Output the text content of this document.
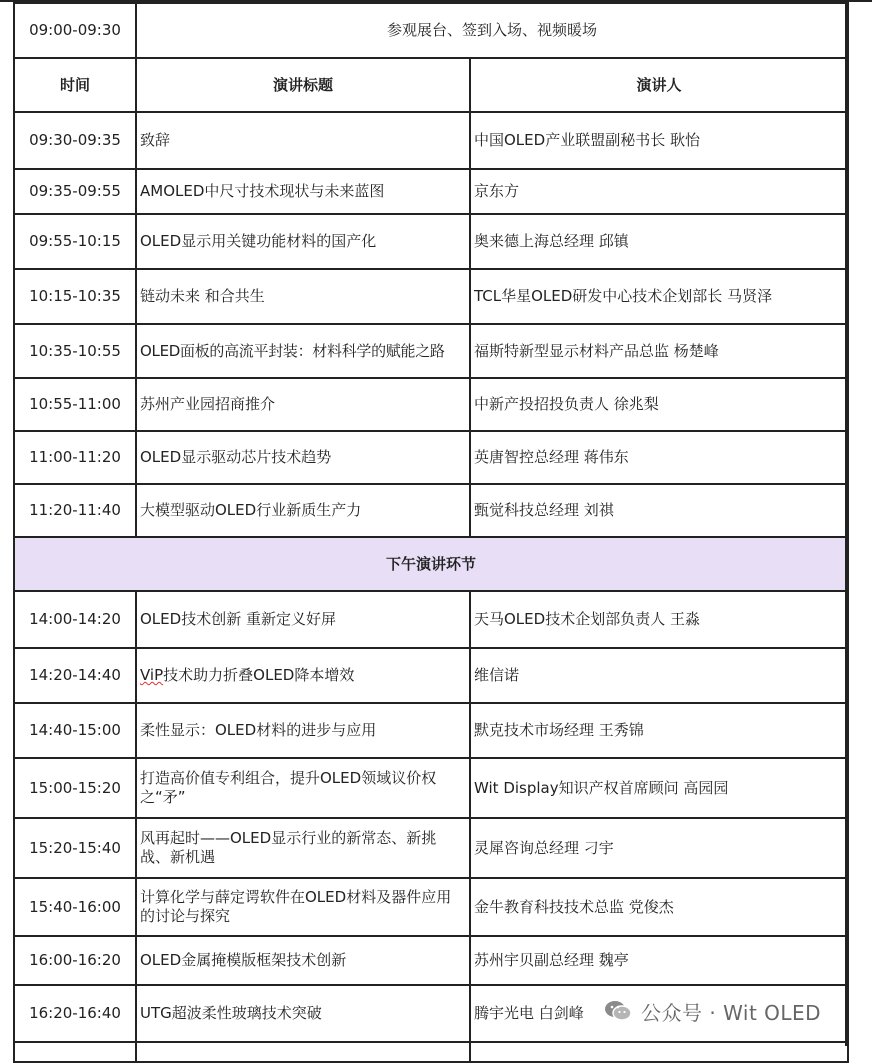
09:00-09:30	参观展台、签到入场、视频暖场	
时间	演讲标题	演讲人
09:30-09:35	致辞	中国OLED产业联盟副秘书长 耿怡
09:35-09:55	AMOLED中尺寸技术现状与未来蓝图	京东方
09:55-10:15	OLED显示用关键功能材料的国产化	奥来德上海总经理 邱镇
10:15-10:35	链动未来 和合共生	TCL华星OLED研发中心技术企划部长 马贤泽
10:35-10:55	OLED面板的高流平封装：材料科学的赋能之路	福斯特新型显示材料产品总监 杨楚峰
10:55-11:00	苏州产业园招商推介	中新产投招投负责人 徐兆梨
11:00-11:20	OLED显示驱动芯片技术趋势	英唐智控总经理 蒋伟东
11:20-11:40	大模型驱动OLED行业新质生产力	甄觉科技总经理 刘祺
下午演讲环节		
14:00-14:20	OLED技术创新 重新定义好屏	天马OLED技术企划部负责人 王淼
14:20-14:40	ViP技术助力折叠OLED降本增效	维信诺
14:40-15:00	柔性显示：OLED材料的进步与应用	默克技术市场经理 王秀锦
15:00-15:20	打造高价值专利组合，提升OLED领域议价权之“矛”	Wit Display知识产权首席顾问 高园园
15:20-15:40	风再起时——OLED显示行业的新常态、新挑战、新机遇	灵犀咨询总经理 刁宇
15:40-16:00	计算化学与薛定谔软件在OLED材料及器件应用的讨论与探究	金牛教育科技技术总监 党俊杰
16:00-16:20	OLED金属掩模版框架技术创新	苏州宇贝副总经理 魏亭
16:20-16:40	UTG超波柔性玻璃技术突破	腾宇光电 白剑峰
			公众号 · Wit OLED
